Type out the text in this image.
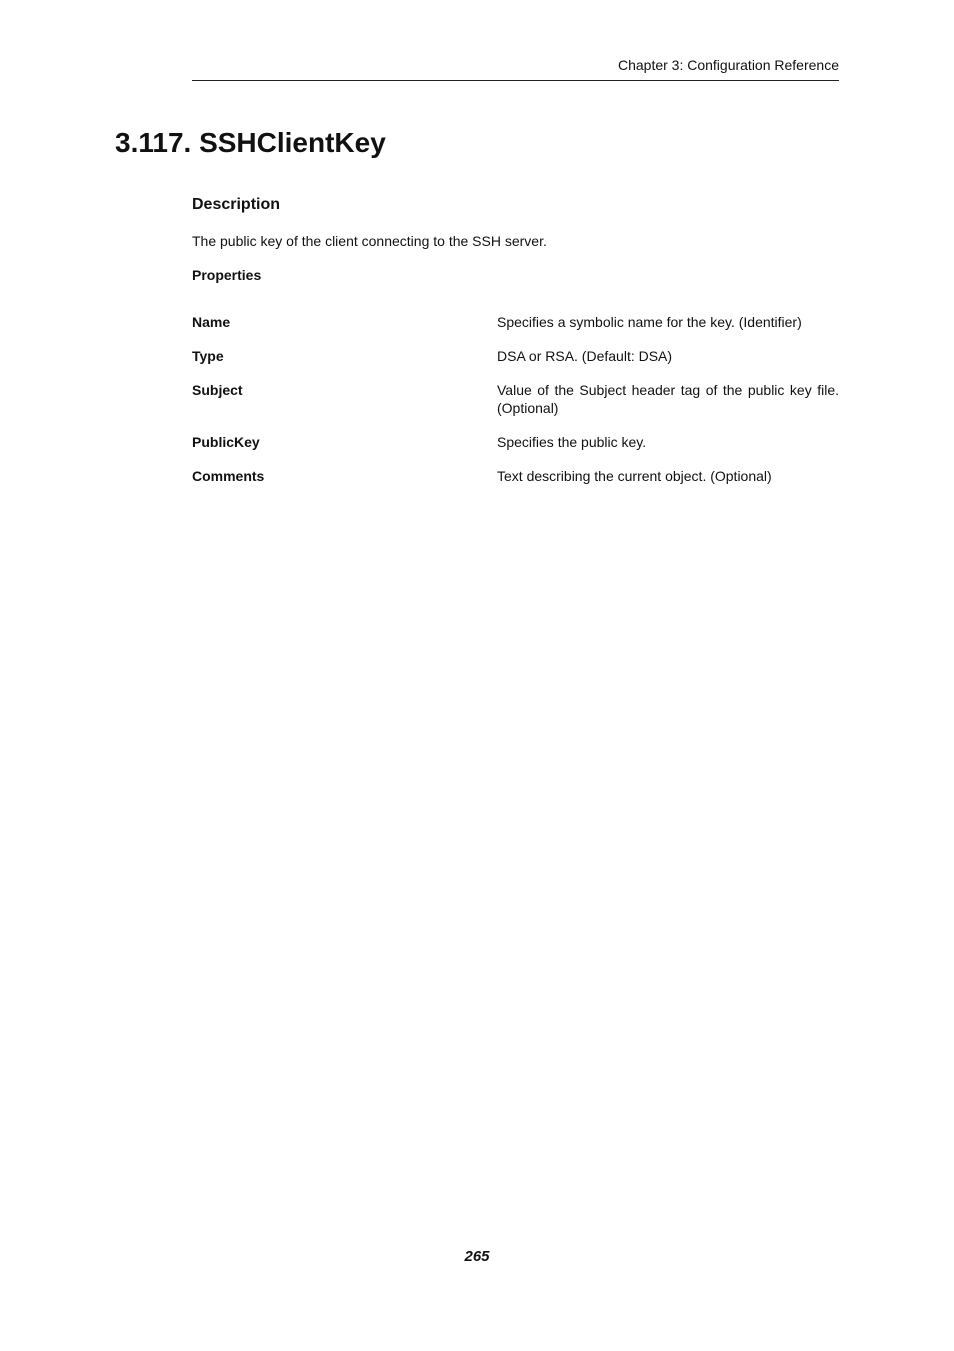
Chapter 3: Configuration Reference
3.117. SSHClientKey
Description

The public key of the client connecting to the SSH server.

Properties
Name	Specifies a symbolic name for the key. (Identifier)
Type	DSA or RSA. (Default: DSA)
Subject	Value of the Subject header tag of the public key file. (Optional)
PublicKey	Specifies the public key.
Comments	Text describing the current object. (Optional)
265
